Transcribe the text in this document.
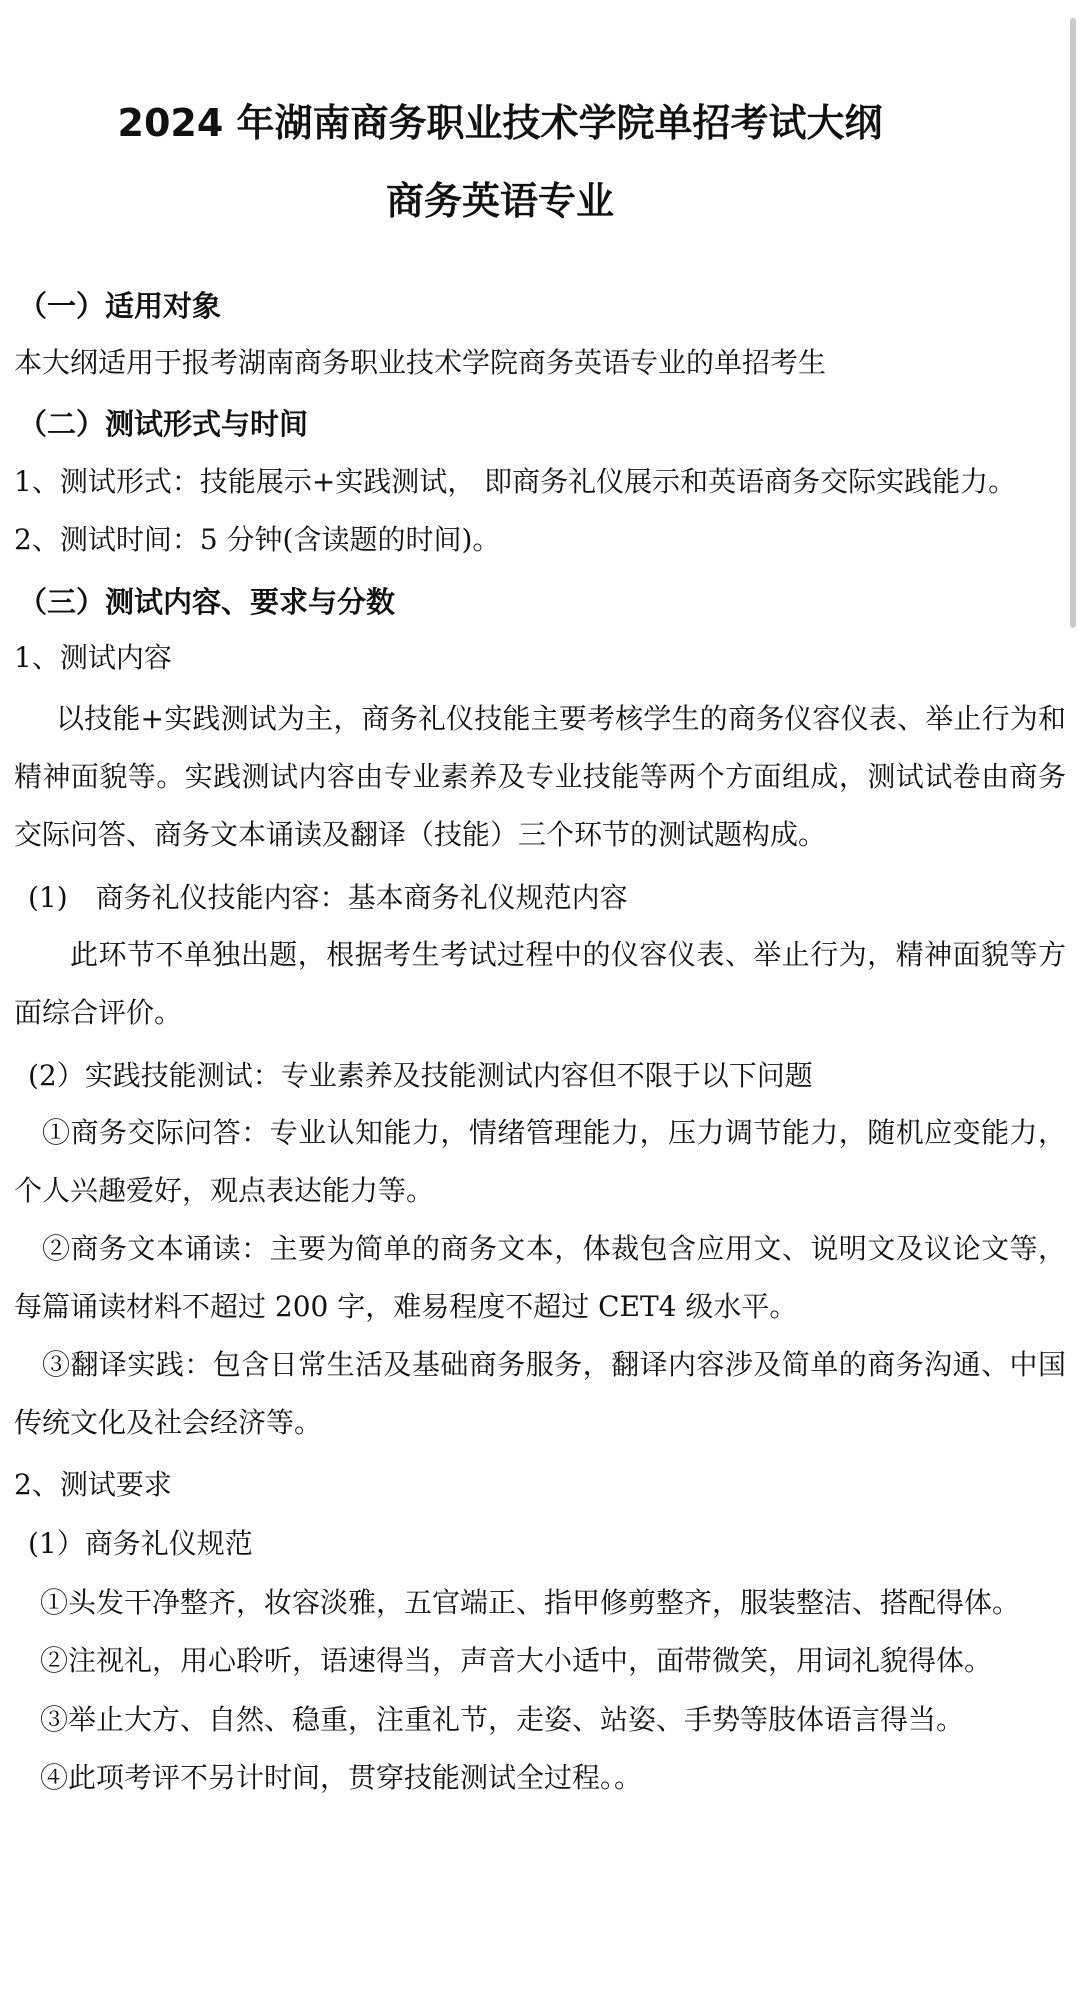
2024 年湖南商务职业技术学院单招考试大纲
商务英语专业
（一）适用对象
本大纲适用于报考湖南商务职业技术学院商务英语专业的单招考生
（二）测试形式与时间
1、测试形式：技能展示+实践测试， 即商务礼仪展示和英语商务交际实践能力。
2、测试时间：5 分钟(含读题的时间)。
（三）测试内容、要求与分数
1、测试内容
以技能+实践测试为主，商务礼仪技能主要考核学生的商务仪容仪表、举止行为和精神面貌等。实践测试内容由专业素养及专业技能等两个方面组成，测试试卷由商务交际问答、商务文本诵读及翻译（技能）三个环节的测试题构成。
(1)　商务礼仪技能内容：基本商务礼仪规范内容
此环节不单独出题，根据考生考试过程中的仪容仪表、举止行为，精神面貌等方面综合评价。
(2）实践技能测试：专业素养及技能测试内容但不限于以下问题
①商务交际问答：专业认知能力，情绪管理能力，压力调节能力，随机应变能力，个人兴趣爱好，观点表达能力等。
②商务文本诵读：主要为简单的商务文本，体裁包含应用文、说明文及议论文等，每篇诵读材料不超过 200 字，难易程度不超过 CET4 级水平。
③翻译实践：包含日常生活及基础商务服务，翻译内容涉及简单的商务沟通、中国传统文化及社会经济等。
2、测试要求
(1）商务礼仪规范
①头发干净整齐，妆容淡雅，五官端正、指甲修剪整齐，服装整洁、搭配得体。
②注视礼，用心聆听，语速得当，声音大小适中，面带微笑，用词礼貌得体。
③举止大方、自然、稳重，注重礼节，走姿、站姿、手势等肢体语言得当。
④此项考评不另计时间，贯穿技能测试全过程。。
